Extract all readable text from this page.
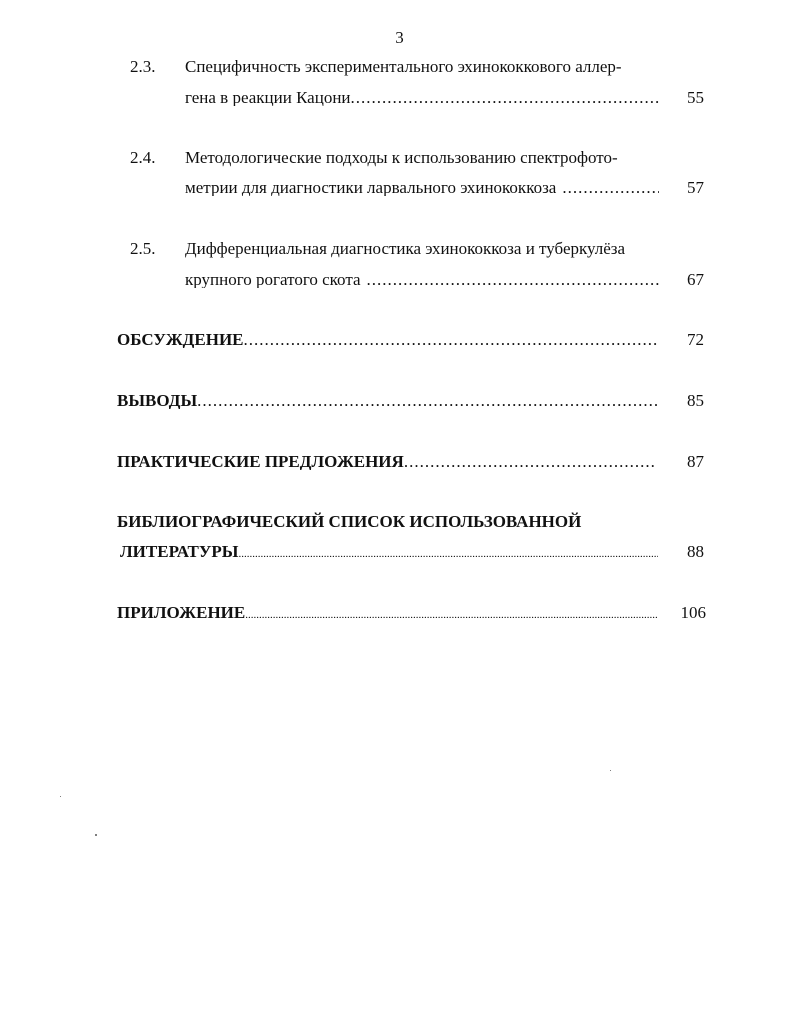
3
2.3. Специфичность экспериментального эхинококкового аллер-
гена в реакции Кацони .....	55
2.4. Методологические подходы к использованию спектрофото-
метрии для диагностики ларвального эхинококкоза .....	57
2.5. Дифференциальная диагностика эхинококкоза и туберкулёза
крупного рогатого скота .....	67
ОБСУЖДЕНИЕ .....	72
ВЫВОДЫ .....	85
ПРАКТИЧЕСКИЕ ПРЕДЛОЖЕНИЯ .....	87
БИБЛИОГРАФИЧЕСКИЙ СПИСОК ИСПОЛЬЗОВАННОЙ
ЛИТЕРАТУРЫ .....	88
ПРИЛОЖЕНИЕ .....	106
